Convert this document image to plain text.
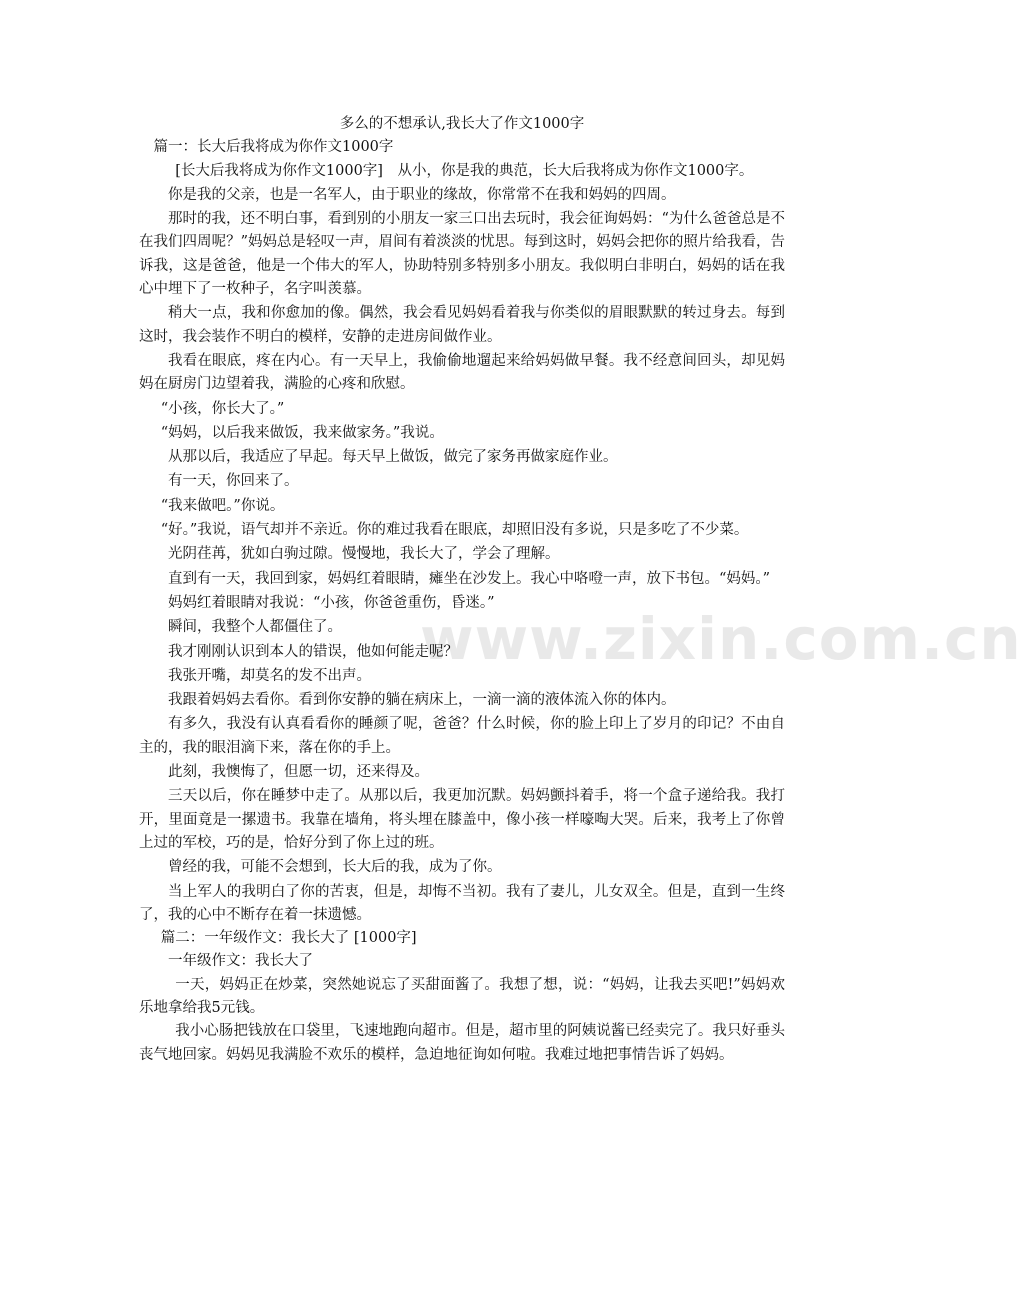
www.zixin.com.cn
多么的不想承认,我长大了作文1000字

篇一：长大后我将成为你作文1000字

[长大后我将成为你作文1000字]　从小，你是我的典范，长大后我将成为你作文1000字。

你是我的父亲，也是一名军人，由于职业的缘故，你常常不在我和妈妈的四周。

那时的我，还不明白事，看到别的小朋友一家三口出去玩时，我会征询妈妈：“为什么爸爸总是不在我们四周呢？”妈妈总是轻叹一声，眉间有着淡淡的忧思。每到这时，妈妈会把你的照片给我看，告诉我，这是爸爸，他是一个伟大的军人，协助特别多特别多小朋友。我似明白非明白，妈妈的话在我心中埋下了一枚种子，名字叫羡慕。

稍大一点，我和你愈加的像。偶然，我会看见妈妈看着我与你类似的眉眼默默的转过身去。每到这时，我会装作不明白的模样，安静的走进房间做作业。

我看在眼底，疼在内心。有一天早上，我偷偷地遛起来给妈妈做早餐。我不经意间回头，却见妈妈在厨房门边望着我，满脸的心疼和欣慰。

“小孩，你长大了。”

“妈妈，以后我来做饭，我来做家务。”我说。

从那以后，我适应了早起。每天早上做饭，做完了家务再做家庭作业。

有一天，你回来了。

“我来做吧。”你说。

“好。”我说，语气却并不亲近。你的难过我看在眼底，却照旧没有多说，只是多吃了不少菜。

光阴荏苒，犹如白驹过隙。慢慢地，我长大了，学会了理解。

直到有一天，我回到家，妈妈红着眼睛，瘫坐在沙发上。我心中咯噔一声，放下书包。“妈妈。”

妈妈红着眼睛对我说：“小孩，你爸爸重伤，昏迷。”

瞬间，我整个人都僵住了。

我才刚刚认识到本人的错误，他如何能走呢？

我张开嘴，却莫名的发不出声。

我跟着妈妈去看你。看到你安静的躺在病床上，一滴一滴的液体流入你的体内。

有多久，我没有认真看看你的睡颜了呢，爸爸？什么时候，你的脸上印上了岁月的印记？不由自主的，我的眼泪滴下来，落在你的手上。

此刻，我懊悔了，但愿一切，还来得及。

三天以后，你在睡梦中走了。从那以后，我更加沉默。妈妈颤抖着手，将一个盒子递给我。我打开，里面竟是一摞遗书。我靠在墙角，将头埋在膝盖中，像小孩一样嚎啕大哭。后来，我考上了你曾上过的军校，巧的是，恰好分到了你上过的班。

曾经的我，可能不会想到，长大后的我，成为了你。

当上军人的我明白了你的苦衷，但是，却悔不当初。我有了妻儿，儿女双全。但是，直到一生终了，我的心中不断存在着一抹遗憾。

篇二：一年级作文：我长大了 [1000字]

一年级作文：我长大了

一天，妈妈正在炒菜，突然她说忘了买甜面酱了。我想了想，说：“妈妈，让我去买吧!”妈妈欢乐地拿给我5元钱。

我小心肠把钱放在口袋里，飞速地跑向超市。但是，超市里的阿姨说酱已经卖完了。我只好垂头丧气地回家。妈妈见我满脸不欢乐的模样，急迫地征询如何啦。我难过地把事情告诉了妈妈。
